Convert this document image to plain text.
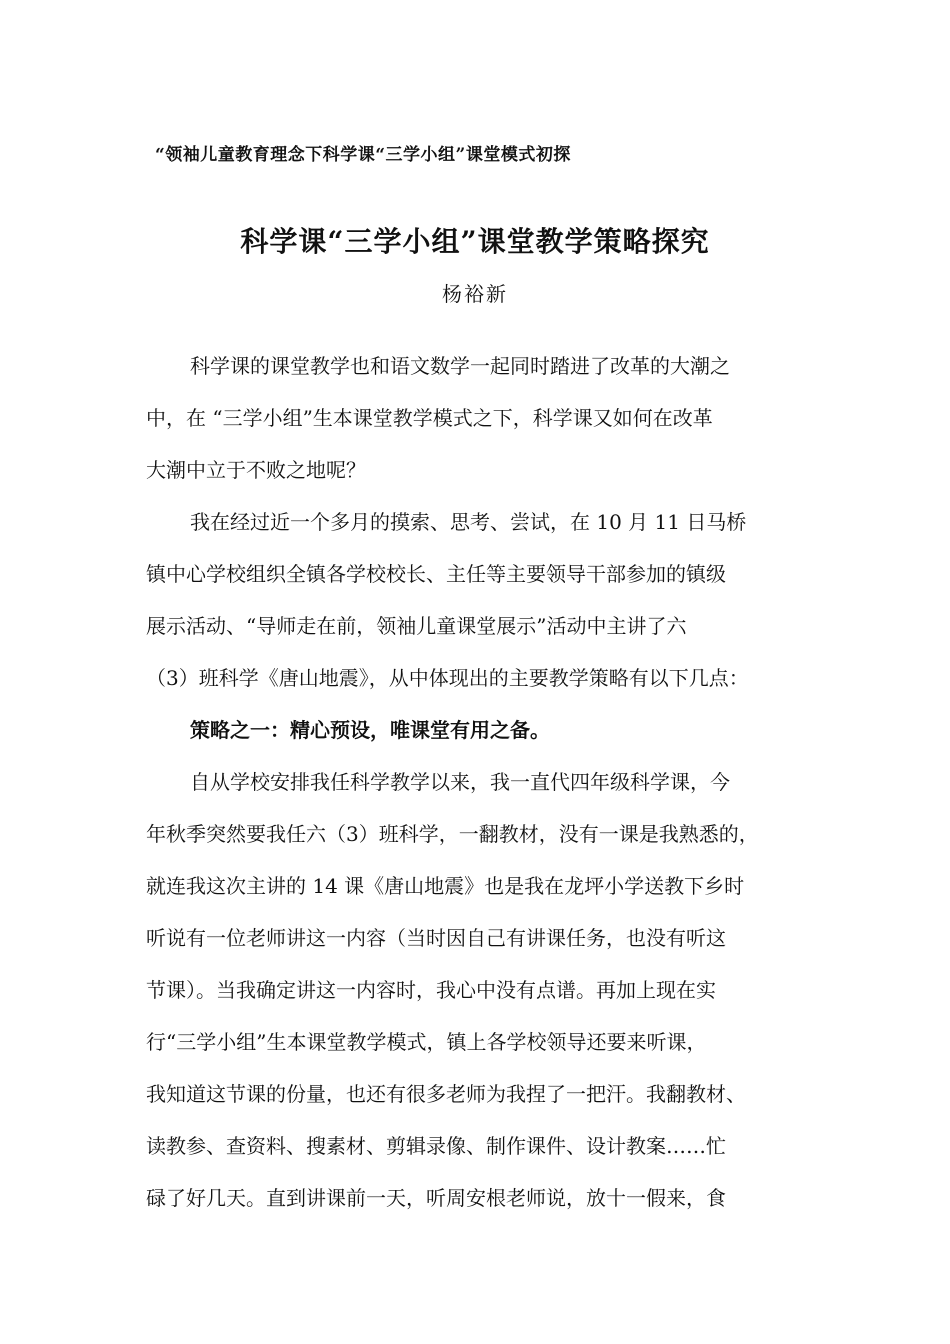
“领袖儿童教育理念下科学课“三学小组”课堂模式初探
科学课“三学小组”课堂教学策略探究
杨裕新
科学课的课堂教学也和语文数学一起同时踏进了改革的大潮之
中，在 “三学小组”生本课堂教学模式之下，科学课又如何在改革
大潮中立于不败之地呢？
我在经过近一个多月的摸索、思考、尝试，在 10 月 11 日马桥
镇中心学校组织全镇各学校校长、主任等主要领导干部参加的镇级
展示活动、“导师走在前，领袖儿童课堂展示”活动中主讲了六
（3）班科学《唐山地震》，从中体现出的主要教学策略有以下几点：
策略之一：精心预设，唯课堂有用之备。
自从学校安排我任科学教学以来，我一直代四年级科学课，今
年秋季突然要我任六（3）班科学，一翻教材，没有一课是我熟悉的，
就连我这次主讲的 14 课《唐山地震》也是我在龙坪小学送教下乡时
听说有一位老师讲这一内容（当时因自己有讲课任务，也没有听这
节课）。当我确定讲这一内容时，我心中没有点谱。再加上现在实
行“三学小组”生本课堂教学模式，镇上各学校领导还要来听课，
我知道这节课的份量，也还有很多老师为我捏了一把汗。我翻教材、
读教参、查资料、搜素材、剪辑录像、制作课件、设计教案……忙
碌了好几天。直到讲课前一天，听周安根老师说，放十一假来，食
